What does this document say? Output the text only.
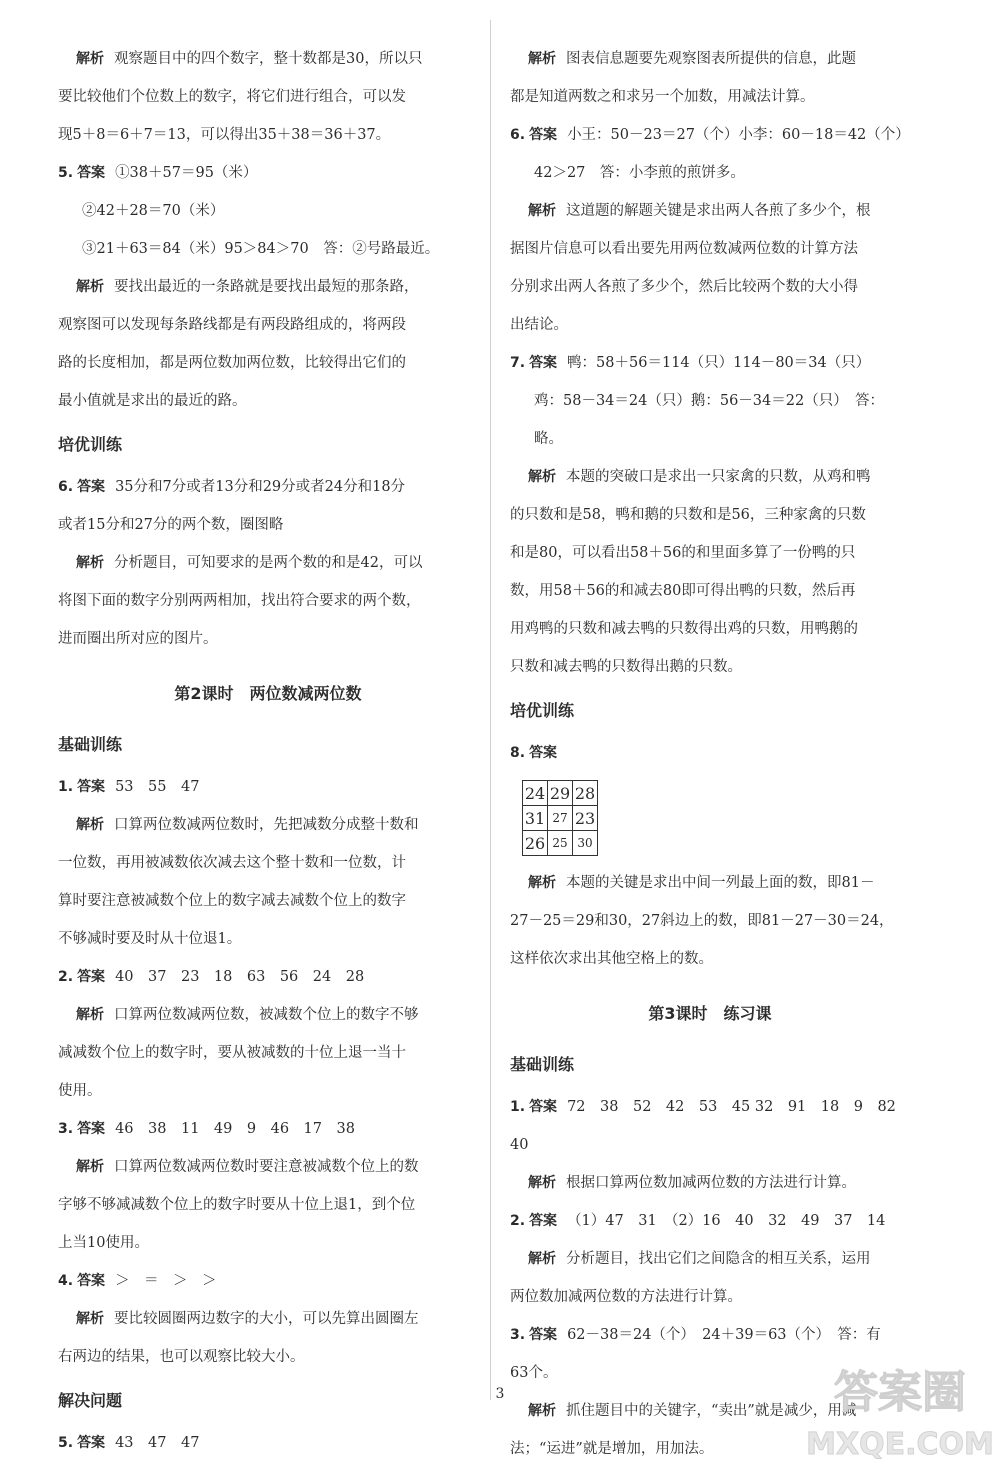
解析 观察题目中的四个数字，整十数都是30，所以只
要比较他们个位数上的数字，将它们进行组合，可以发
现5＋8＝6＋7＝13，可以得出35＋38＝36＋37。
5. 答案 ①38＋57＝95（米）
②42＋28＝70（米）
③21＋63＝84（米）95＞84＞70　答：②号路最近。
解析 要找出最近的一条路就是要找出最短的那条路，
观察图可以发现每条路线都是有两段路组成的，将两段
路的长度相加，都是两位数加两位数，比较得出它们的
最小值就是求出的最近的路。
培优训练
6. 答案 35分和7分或者13分和29分或者24分和18分
或者15分和27分的两个数，圈图略
解析 分析题目，可知要求的是两个数的和是42，可以
将图下面的数字分别两两相加，找出符合要求的两个数，
进而圈出所对应的图片。
第2课时　两位数减两位数
基础训练
1. 答案 53　55　47
解析 口算两位数减两位数时，先把减数分成整十数和
一位数，再用被减数依次减去这个整十数和一位数，计
算时要注意被减数个位上的数字减去减数个位上的数字
不够减时要及时从十位退1。
2. 答案 40　37　23　18　63　56　24　28
解析 口算两位数减两位数，被减数个位上的数字不够
减减数个位上的数字时，要从被减数的十位上退一当十
使用。
3. 答案 46　38　11　49　9　46　17　38
解析 口算两位数减两位数时要注意被减数个位上的数
字够不够减减数个位上的数字时要从十位上退1，到个位
上当10使用。
4. 答案 ＞　＝　＞　＞
解析 要比较圆圈两边数字的大小，可以先算出圆圈左
右两边的结果，也可以观察比较大小。
解决问题
5. 答案 43　47　47
解析 图表信息题要先观察图表所提供的信息，此题
都是知道两数之和求另一个加数，用减法计算。
6. 答案 小王：50－23＝27（个）小李：60－18＝42（个）
42＞27　答：小李煎的煎饼多。
解析 这道题的解题关键是求出两人各煎了多少个，根
据图片信息可以看出要先用两位数减两位数的计算方法
分别求出两人各煎了多少个，然后比较两个数的大小得
出结论。
7. 答案 鸭：58＋56＝114（只）114－80＝34（只）
鸡：58－34＝24（只）鹅：56－34＝22（只）　答：略。
解析 本题的突破口是求出一只家禽的只数，从鸡和鸭
的只数和是58，鸭和鹅的只数和是56，三种家禽的只数
和是80，可以看出58＋56的和里面多算了一份鸭的只
数，用58＋56的和减去80即可得出鸭的只数，然后再
用鸡鸭的只数和减去鸭的只数得出鸡的只数，用鸭鹅的
只数和减去鸭的只数得出鹅的只数。
培优训练
8. 答案
24	29	28
31	27	23
26	25	30
解析 本题的关键是求出中间一列最上面的数，即81－
27－25＝29和30，27斜边上的数，即81－27－30＝24，
这样依次求出其他空格上的数。
第3课时　练习课
基础训练
1. 答案 72　38　52　42　53　45 32　91　18　9　82　40
解析 根据口算两位数加减两位数的方法进行计算。
2. 答案 （1）47　31　（2）16　40　32　49　37　14
解析 分析题目，找出它们之间隐含的相互关系，运用
两位数加减两位数的方法进行计算。
3. 答案 62－38＝24（个）　24＋39＝63（个）　答：有
63个。
解析 抓住题目中的关键字，“卖出”就是减少，用减
法；“运进”就是增加，用加法。
3	答案圈
MXQE.COM
